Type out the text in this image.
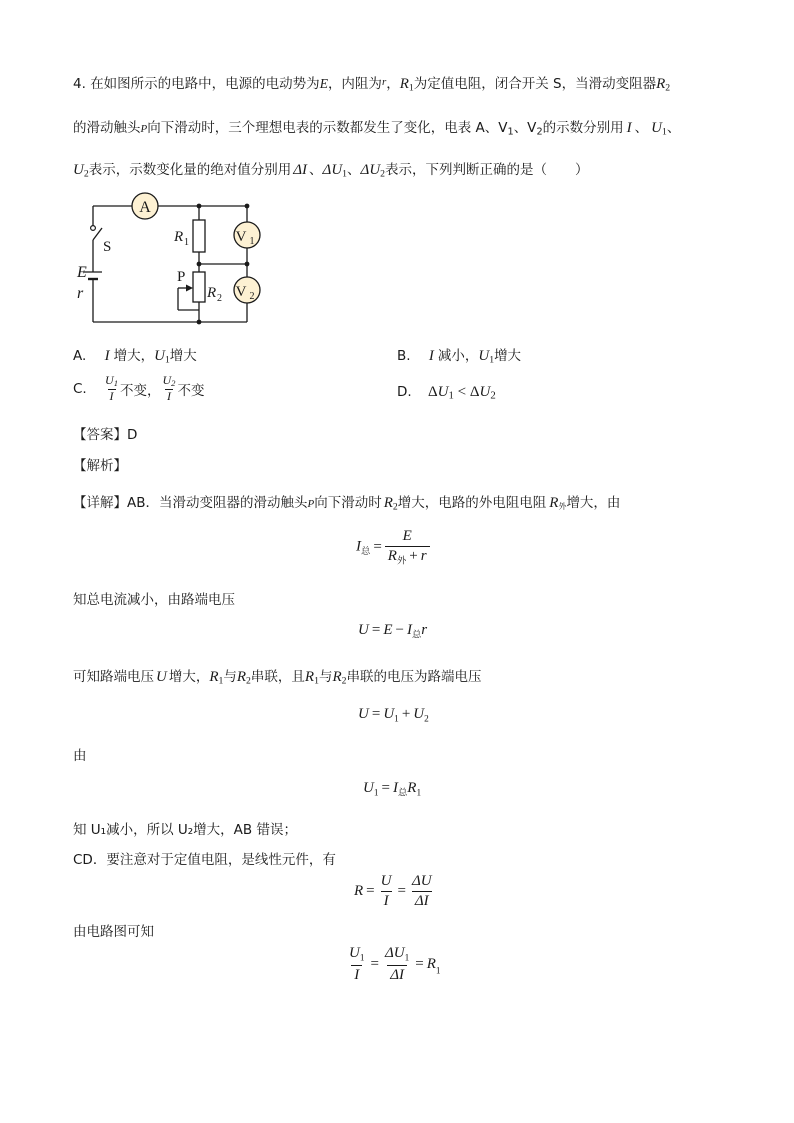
4. 在如图所示的电路中，电源的电动势为E，内阻为$^r$，$R_1$为定值电阻，闭合开关 S，当滑动变阻器$R_2$
的滑动触头P向下滑动时，三个理想电表的示数都发生了变化，电表 A、$V_1$、$V_2$的示数分别用 I 、 $U_1$、
$U_2$表示，示数变化量的绝对值分别用 ΔI 、$\Delta U_1$、$\Delta U_2$表示，下列判断正确的是（ ）
A
V 1
V 2
S
E
r
R 1
R 2
P
A. I 增大，$U_1$增大	B. I 减小，$U_1$增大
C. $\frac{U_1}{I}$ 不变， $\frac{U_2}{I}$ 不变	D. $\Delta U_1 < \Delta U_2$
【答案】D
【解析】
【详解】AB．当滑动变阻器的滑动触头P向下滑动时 $R_2$增大，电路的外电阻电阻 $R_外$增大，由
$I_总 = \frac{E}{R_外 + r}$
知总电流减小，由路端电压
$U = E - I_总r$
可知路端电压 U 增大，$R_1$与$R_2$串联，且$R_1$与$R_2$串联的电压为路端电压
$U = U_1 + U_2$
由
$U_1 = I_总R_1$
知 U₁减小，所以 U₂增大，AB 错误；
CD．要注意对于定值电阻，是线性元件，有
$R = \frac{U}{I} = \frac{\Delta U}{\Delta I}$
由电路图可知
$\frac{U_1}{I} = \frac{\Delta U_1}{\Delta I} = R_1$
